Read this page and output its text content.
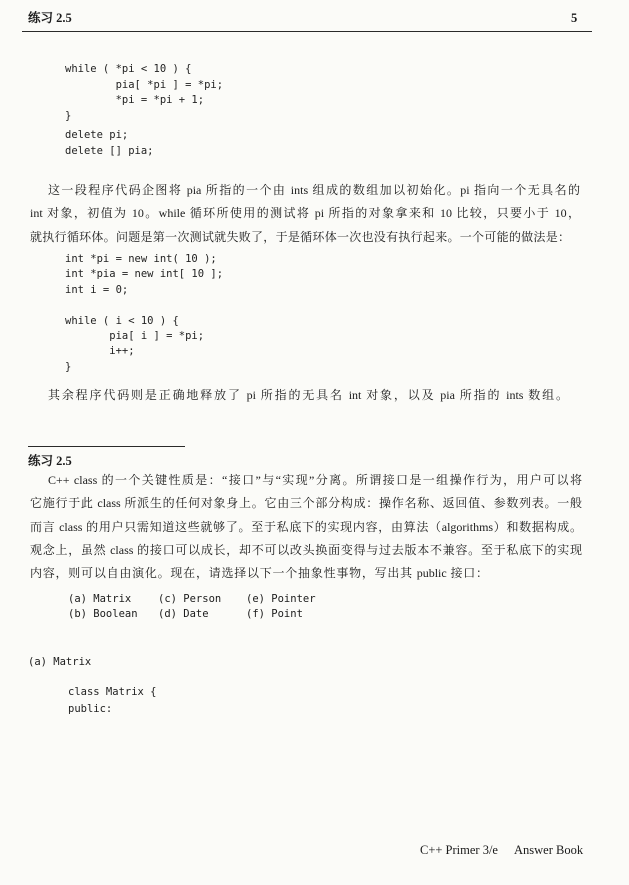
练习 2.5	5
while ( *pi < 10 ) {
pia[ *pi ] = *pi;
*pi = *pi + 1;
}
delete pi;
delete [] pia;
这一段程序代码企图将 pia 所指的一个由 ints 组成的数组加以初始化。pi 指向一个无具名的
int 对象，初值为 10。while 循环所使用的测试将 pi 所指的对象拿来和 10 比较，只要小于 10，
就执行循环体。问题是第一次测试就失败了，于是循环体一次也没有执行起来。一个可能的做法是：
int *pi = new int( 10 );
int *pia = new int[ 10 ];
int i = 0;
while ( i < 10 ) {
pia[ i ] = *pi;
i++;
}
其余程序代码则是正确地释放了 pi 所指的无具名 int 对象，以及 pia 所指的 ints 数组。
练习 2.5
C++ class 的一个关键性质是：“接口”与“实现”分离。所谓接口是一组操作行为，用户可以将
它施行于此 class 所派生的任何对象身上。它由三个部分构成：操作名称、返回值、参数列表。一般
而言 class 的用户只需知道这些就够了。至于私底下的实现内容，由算法（algorithms）和数据构成。
观念上，虽然 class 的接口可以成长，却不可以改头换面变得与过去版本不兼容。至于私底下的实现
内容，则可以自由演化。现在，请选择以下一个抽象性事物，写出其 public 接口：
(a) Matrix	(c) Person	(e) Pointer
(b) Boolean	(d) Date	(f) Point
(a) Matrix
class Matrix {
public:
C++ Primer 3/e Answer Book
